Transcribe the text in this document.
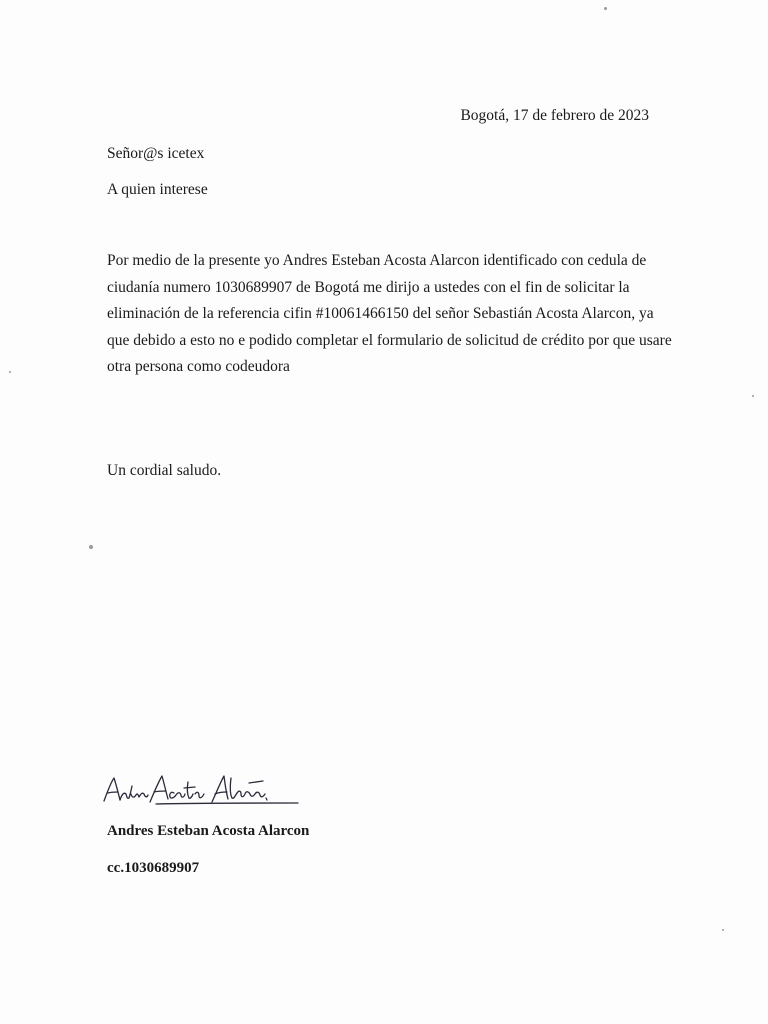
Bogotá, 17 de febrero de 2023
Señor@s icetex
A quien interese

Por medio de la presente yo Andres Esteban Acosta Alarcon identificado con cedula de
ciudanía numero 1030689907 de Bogotá me dirijo a ustedes con el fin de solicitar la
eliminación de la referencia cifin #10061466150 del señor Sebastián Acosta Alarcon, ya
que debido a esto no e podido completar el formulario de solicitud de crédito por que usare
otra persona como codeudora

Un cordial saludo.
Andres Esteban Acosta Alarcon
cc.1030689907
